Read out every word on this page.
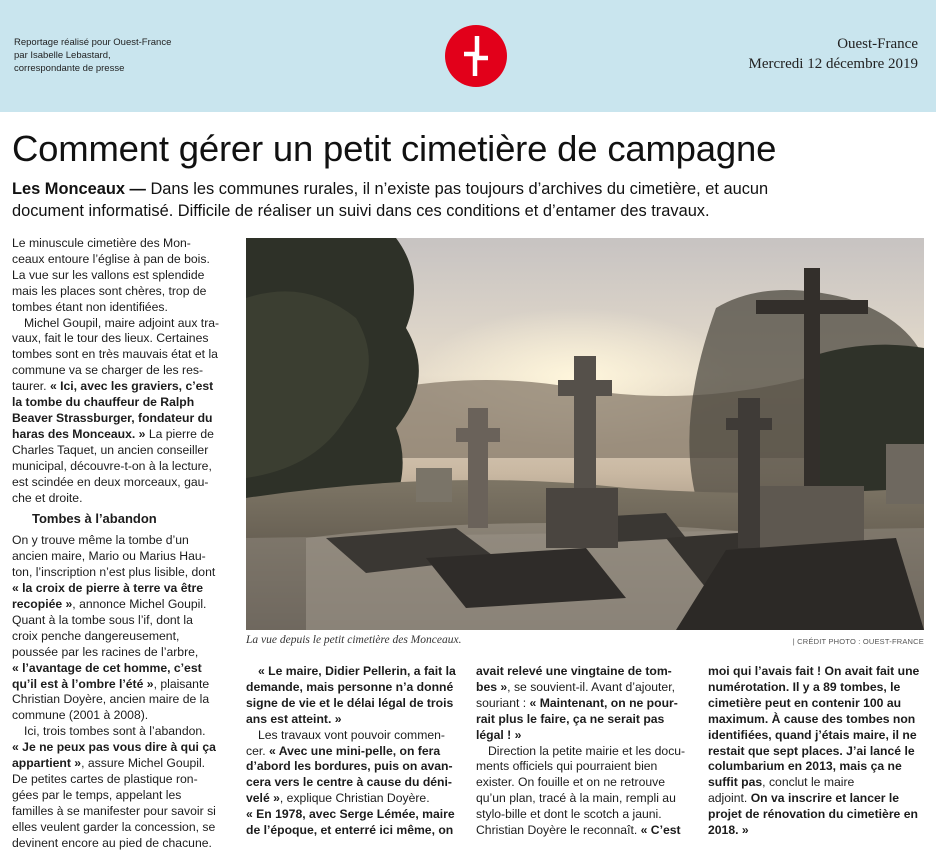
Reportage réalisé pour Ouest-France
par Isabelle Lebastard,
correspondante de presse
Ouest-France
Mercredi 12 décembre 2019
Comment gérer un petit cimetière de campagne
Les Monceaux — Dans les communes rurales, il n’existe pas toujours d’archives du cimetière, et aucun
document informatisé. Difficile de réaliser un suivi dans ces conditions et d’entamer des travaux.
Le minuscule cimetière des Mon-
ceaux entoure l’église à pan de bois.
La vue sur les vallons est splendide
mais les places sont chères, trop de
tombes étant non identifiées.
Michel Goupil, maire adjoint aux tra-
vaux, fait le tour des lieux. Certaines
tombes sont en très mauvais état et la
commune va se charger de les res-
taurer. « Ici, avec les graviers, c’est
la tombe du chauffeur de Ralph
Beaver Strassburger, fondateur du
haras des Monceaux. » La pierre de
Charles Taquet, un ancien conseiller
municipal, découvre-t-on à la lecture,
est scindée en deux morceaux, gau-
che et droite.
Tombes à l’abandon
On y trouve même la tombe d’un
ancien maire, Mario ou Marius Hau-
ton, l’inscription n’est plus lisible, dont
« la croix de pierre à terre va être
recopiée », annonce Michel Goupil.
Quant à la tombe sous l’if, dont la
croix penche dangereusement,
poussée par les racines de l’arbre,
« l’avantage de cet homme, c’est
qu’il est à l’ombre l’été », plaisante
Christian Doyère, ancien maire de la
commune (2001 à 2008).
Ici, trois tombes sont à l’abandon.
« Je ne peux pas vous dire à qui ça
appartient », assure Michel Goupil.
De petites cartes de plastique ron-
gées par le temps, appelant les
familles à se manifester pour savoir si
elles veulent garder la concession, se
devinent encore au pied de chacune.
La vue depuis le petit cimetière des Monceaux.	| CRÉDIT PHOTO : OUEST-FRANCE
« Le maire, Didier Pellerin, a fait la
demande, mais personne n’a donné
signe de vie et le délai légal de trois
ans est atteint. »
Les travaux vont pouvoir commen-
cer. « Avec une mini-pelle, on fera
d’abord les bordures, puis on avan-
cera vers le centre à cause du déni-
velé », explique Christian Doyère.
« En 1978, avec Serge Lémée, maire
de l’époque, et enterré ici même, on
avait relevé une vingtaine de tom-
bes », se souvient-il. Avant d’ajouter,
souriant : « Maintenant, on ne pour-
rait plus le faire, ça ne serait pas
légal ! »
Direction la petite mairie et les docu-
ments officiels qui pourraient bien
exister. On fouille et on ne retrouve
qu’un plan, tracé à la main, rempli au
stylo-bille et dont le scotch a jauni.
Christian Doyère le reconnaît. « C’est
moi qui l’avais fait ! On avait fait une
numérotation. Il y a 89 tombes, le
cimetière peut en contenir 100 au
maximum. À cause des tombes non
identifiées, quand j’étais maire, il ne
restait que sept places. J’ai lancé le
columbarium en 2013, mais ça ne
suffit pas, conclut le maire
adjoint. On va inscrire et lancer le
projet de rénovation du cimetière en
2018. »
